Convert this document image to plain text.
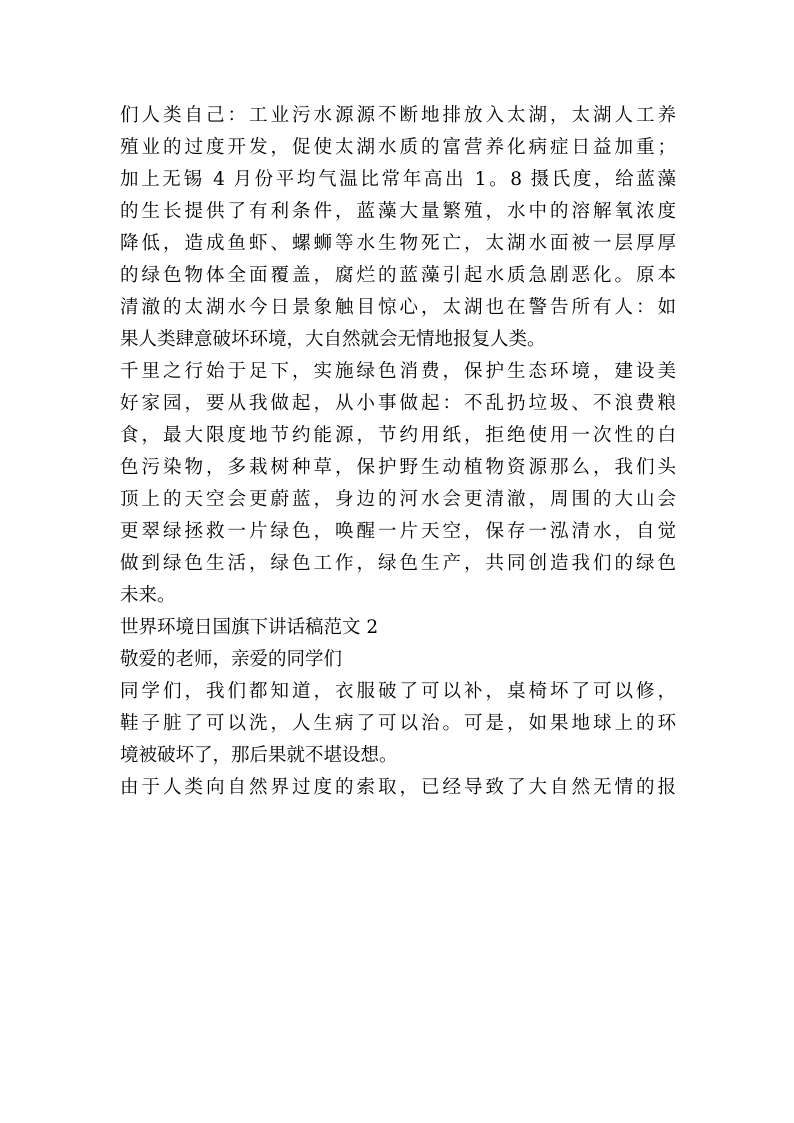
们人类自己：工业污水源源不断地排放入太湖，太湖人工养
殖业的过度开发，促使太湖水质的富营养化病症日益加重；
加上无锡 4 月份平均气温比常年高出 1。8 摄氏度，给蓝藻
的生长提供了有利条件，蓝藻大量繁殖，水中的溶解氧浓度
降低，造成鱼虾、螺蛳等水生物死亡，太湖水面被一层厚厚
的绿色物体全面覆盖，腐烂的蓝藻引起水质急剧恶化。原本
清澈的太湖水今日景象触目惊心，太湖也在警告所有人：如
果人类肆意破坏环境，大自然就会无情地报复人类。
千里之行始于足下，实施绿色消费，保护生态环境，建设美
好家园，要从我做起，从小事做起：不乱扔垃圾、不浪费粮
食，最大限度地节约能源，节约用纸，拒绝使用一次性的白
色污染物，多栽树种草，保护野生动植物资源那么，我们头
顶上的天空会更蔚蓝，身边的河水会更清澈，周围的大山会
更翠绿拯救一片绿色，唤醒一片天空，保存一泓清水，自觉
做到绿色生活，绿色工作，绿色生产，共同创造我们的绿色
未来。
世界环境日国旗下讲话稿范文 2
敬爱的老师，亲爱的同学们
同学们，我们都知道，衣服破了可以补，桌椅坏了可以修，
鞋子脏了可以洗，人生病了可以治。可是，如果地球上的环
境被破坏了，那后果就不堪设想。
由于人类向自然界过度的索取，已经导致了大自然无情的报
